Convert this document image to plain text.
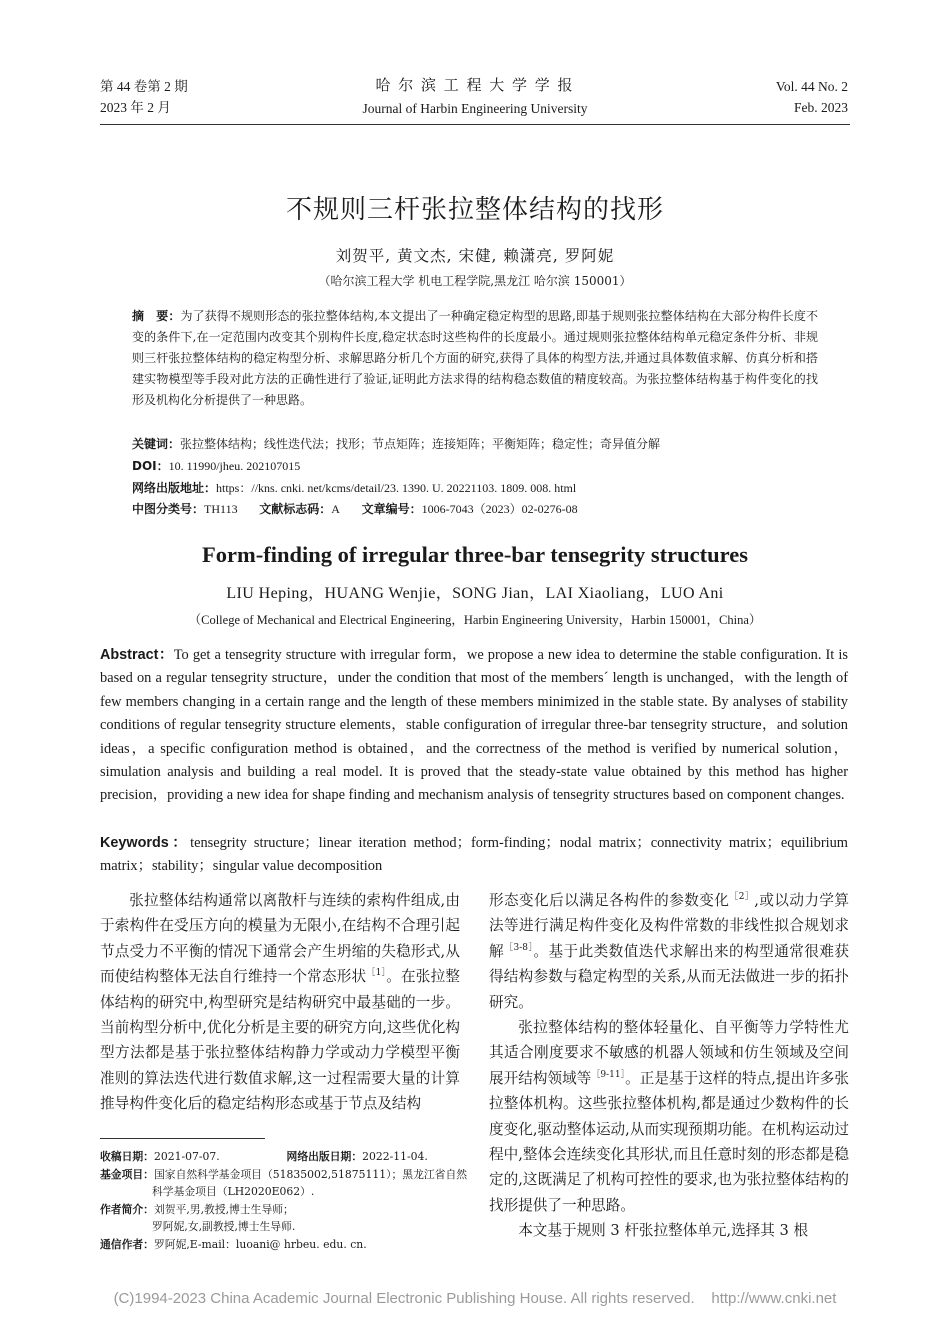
第 44 卷第 2 期
2023 年 2 月
哈 尔 滨 工 程 大 学 学 报
Journal of Harbin Engineering University
Vol. 44 No. 2
Feb. 2023
不规则三杆张拉整体结构的找形
刘贺平, 黄文杰, 宋健, 赖潇亮, 罗阿妮
（哈尔滨工程大学 机电工程学院,黑龙江 哈尔滨 150001）
摘　要：为了获得不规则形态的张拉整体结构,本文提出了一种确定稳定构型的思路,即基于规则张拉整体结构在大部分构件长度不变的条件下,在一定范围内改变其个别构件长度,稳定状态时这些构件的长度最小。通过规则张拉整体结构单元稳定条件分析、非规则三杆张拉整体结构的稳定构型分析、求解思路分析几个方面的研究,获得了具体的构型方法,并通过具体数值求解、仿真分析和搭建实物模型等手段对此方法的正确性进行了验证,证明此方法求得的结构稳态数值的精度较高。为张拉整体结构基于构件变化的找形及机构化分析提供了一种思路。
关键词：张拉整体结构；线性迭代法；找形；节点矩阵；连接矩阵；平衡矩阵；稳定性；奇异值分解
DOI：10. 11990/jheu. 202107015
网络出版地址：https：//kns. cnki. net/kcms/detail/23. 1390. U. 20221103. 1809. 008. html
中图分类号：TH113 文献标志码：A 文章编号：1006-7043（2023）02-0276-08
Form-finding of irregular three-bar tensegrity structures
LIU Heping，HUANG Wenjie，SONG Jian，LAI Xiaoliang，LUO Ani
（College of Mechanical and Electrical Engineering，Harbin Engineering University，Harbin 150001，China）
Abstract：To get a tensegrity structure with irregular form，we propose a new idea to determine the stable configuration. It is based on a regular tensegrity structure，under the condition that most of the members´ length is unchanged，with the length of few members changing in a certain range and the length of these members minimized in the stable state. By analyses of stability conditions of regular tensegrity structure elements，stable configuration of irregular three-bar tensegrity structure，and solution ideas，a specific configuration method is obtained，and the correctness of the method is verified by numerical solution，simulation analysis and building a real model. It is proved that the steady-state value obtained by this method has higher precision，providing a new idea for shape finding and mechanism analysis of tensegrity structures based on component changes.
Keywords：tensegrity structure；linear iteration method；form-finding；nodal matrix；connectivity matrix；equilibrium matrix；stability；singular value decomposition

张拉整体结构通常以离散杆与连续的索构件组成,由于索构件在受压方向的模量为无限小,在结构不合理引起节点受力不平衡的情况下通常会产生坍缩的失稳形式,从而使结构整体无法自行维持一个常态形状$^{[1]}$。在张拉整体结构的研究中,构型研究是结构研究中最基础的一步。当前构型分析中,优化分析是主要的研究方向,这些优化构型方法都是基于张拉整体结构静力学或动力学模型平衡准则的算法迭代进行数值求解,这一过程需要大量的计算推导构件变化后的稳定结构形态或基于节点及结构

形态变化后以满足各构件的参数变化$^{[2]}$,或以动力学算法等进行满足构件变化及构件常数的非线性拟合规划求解$^{[3-8]}$。基于此类数值迭代求解出来的构型通常很难获得结构参数与稳定构型的关系,从而无法做进一步的拓扑研究。

张拉整体结构的整体轻量化、自平衡等力学特性尤其适合刚度要求不敏感的机器人领域和仿生领域及空间展开结构领域等$^{[9-11]}$。正是基于这样的特点,提出许多张拉整体机构。这些张拉整体机构,都是通过少数构件的长度变化,驱动整体运动,从而实现预期功能。在机构运动过程中,整体会连续变化其形状,而且任意时刻的形态都是稳定的,这既满足了机构可控性的要求,也为张拉整体结构的找形提供了一种思路。

本文基于规则 3 杆张拉整体单元,选择其 3 根

收稿日期：2021-07-07.	网络出版日期：2022-11-04.
基金项目：国家自然科学基金项目（51835002,51875111）；黑龙江省自然科学基金项目（LH2020E062）.
作者简介：刘贺平,男,教授,博士生导师；
罗阿妮,女,副教授,博士生导师.
通信作者：罗阿妮,E-mail：luoani@ hrbeu. edu. cn.
(C)1994-2023 China Academic Journal Electronic Publishing House. All rights reserved.    http://www.cnki.net
